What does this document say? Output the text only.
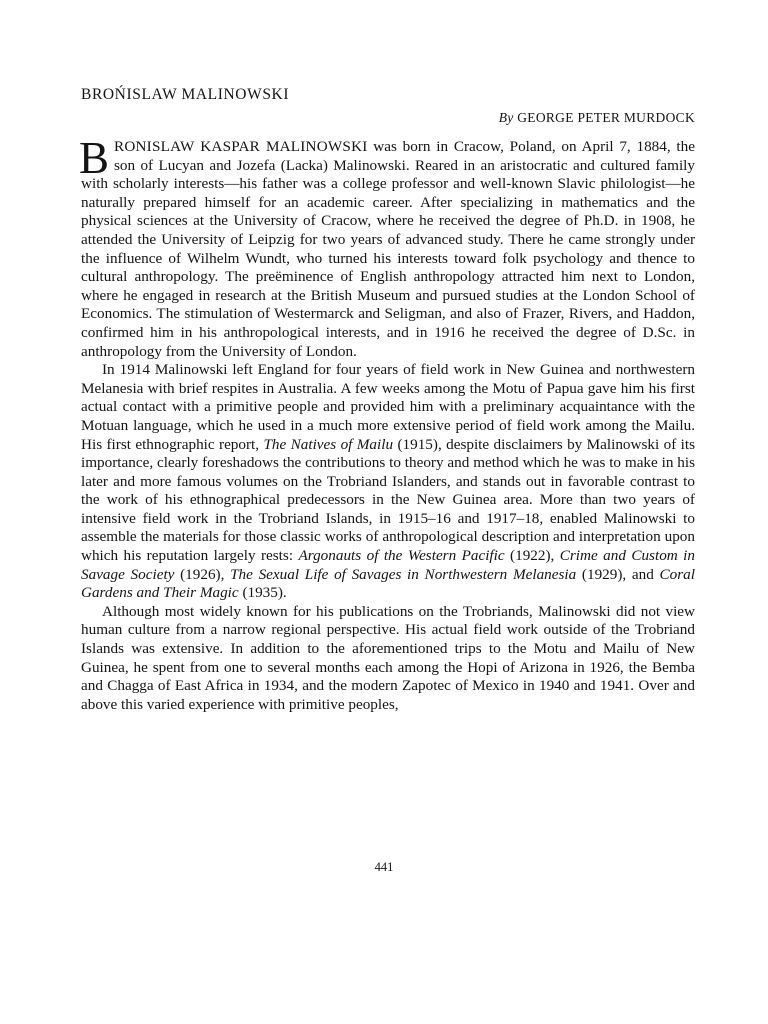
BROŃISLAW MALINOWSKI
By GEORGE PETER MURDOCK

BRONISLAW KASPAR MALINOWSKI was born in Cracow, Poland, on April 7, 1884, the son of Lucyan and Jozefa (Lacka) Malinowski. Reared in an aristocratic and cultured family with scholarly interests—his father was a college professor and well-known Slavic philologist—he naturally prepared himself for an academic career. After specializing in mathematics and the physical sciences at the University of Cracow, where he received the degree of Ph.D. in 1908, he attended the University of Leipzig for two years of advanced study. There he came strongly under the influence of Wilhelm Wundt, who turned his interests toward folk psychology and thence to cultural anthropology. The preëminence of English anthropology attracted him next to London, where he engaged in research at the British Museum and pursued studies at the London School of Economics. The stimulation of Westermarck and Seligman, and also of Frazer, Rivers, and Haddon, confirmed him in his anthropological interests, and in 1916 he received the degree of D.Sc. in anthropology from the University of London.

In 1914 Malinowski left England for four years of field work in New Guinea and northwestern Melanesia with brief respites in Australia. A few weeks among the Motu of Papua gave him his first actual contact with a primitive people and provided him with a preliminary acquaintance with the Motuan language, which he used in a much more extensive period of field work among the Mailu. His first ethnographic report, The Natives of Mailu (1915), despite disclaimers by Malinowski of its importance, clearly foreshadows the contributions to theory and method which he was to make in his later and more famous volumes on the Trobriand Islanders, and stands out in favorable contrast to the work of his ethnographical predecessors in the New Guinea area. More than two years of intensive field work in the Trobriand Islands, in 1915–16 and 1917–18, enabled Malinowski to assemble the materials for those classic works of anthropological description and interpretation upon which his reputation largely rests: Argonauts of the Western Pacific (1922), Crime and Custom in Savage Society (1926), The Sexual Life of Savages in Northwestern Melanesia (1929), and Coral Gardens and Their Magic (1935).

Although most widely known for his publications on the Trobriands, Malinowski did not view human culture from a narrow regional perspective. His actual field work outside of the Trobriand Islands was extensive. In addition to the aforementioned trips to the Motu and Mailu of New Guinea, he spent from one to several months each among the Hopi of Arizona in 1926, the Bemba and Chagga of East Africa in 1934, and the modern Zapotec of Mexico in 1940 and 1941. Over and above this varied experience with primitive peoples,

441
